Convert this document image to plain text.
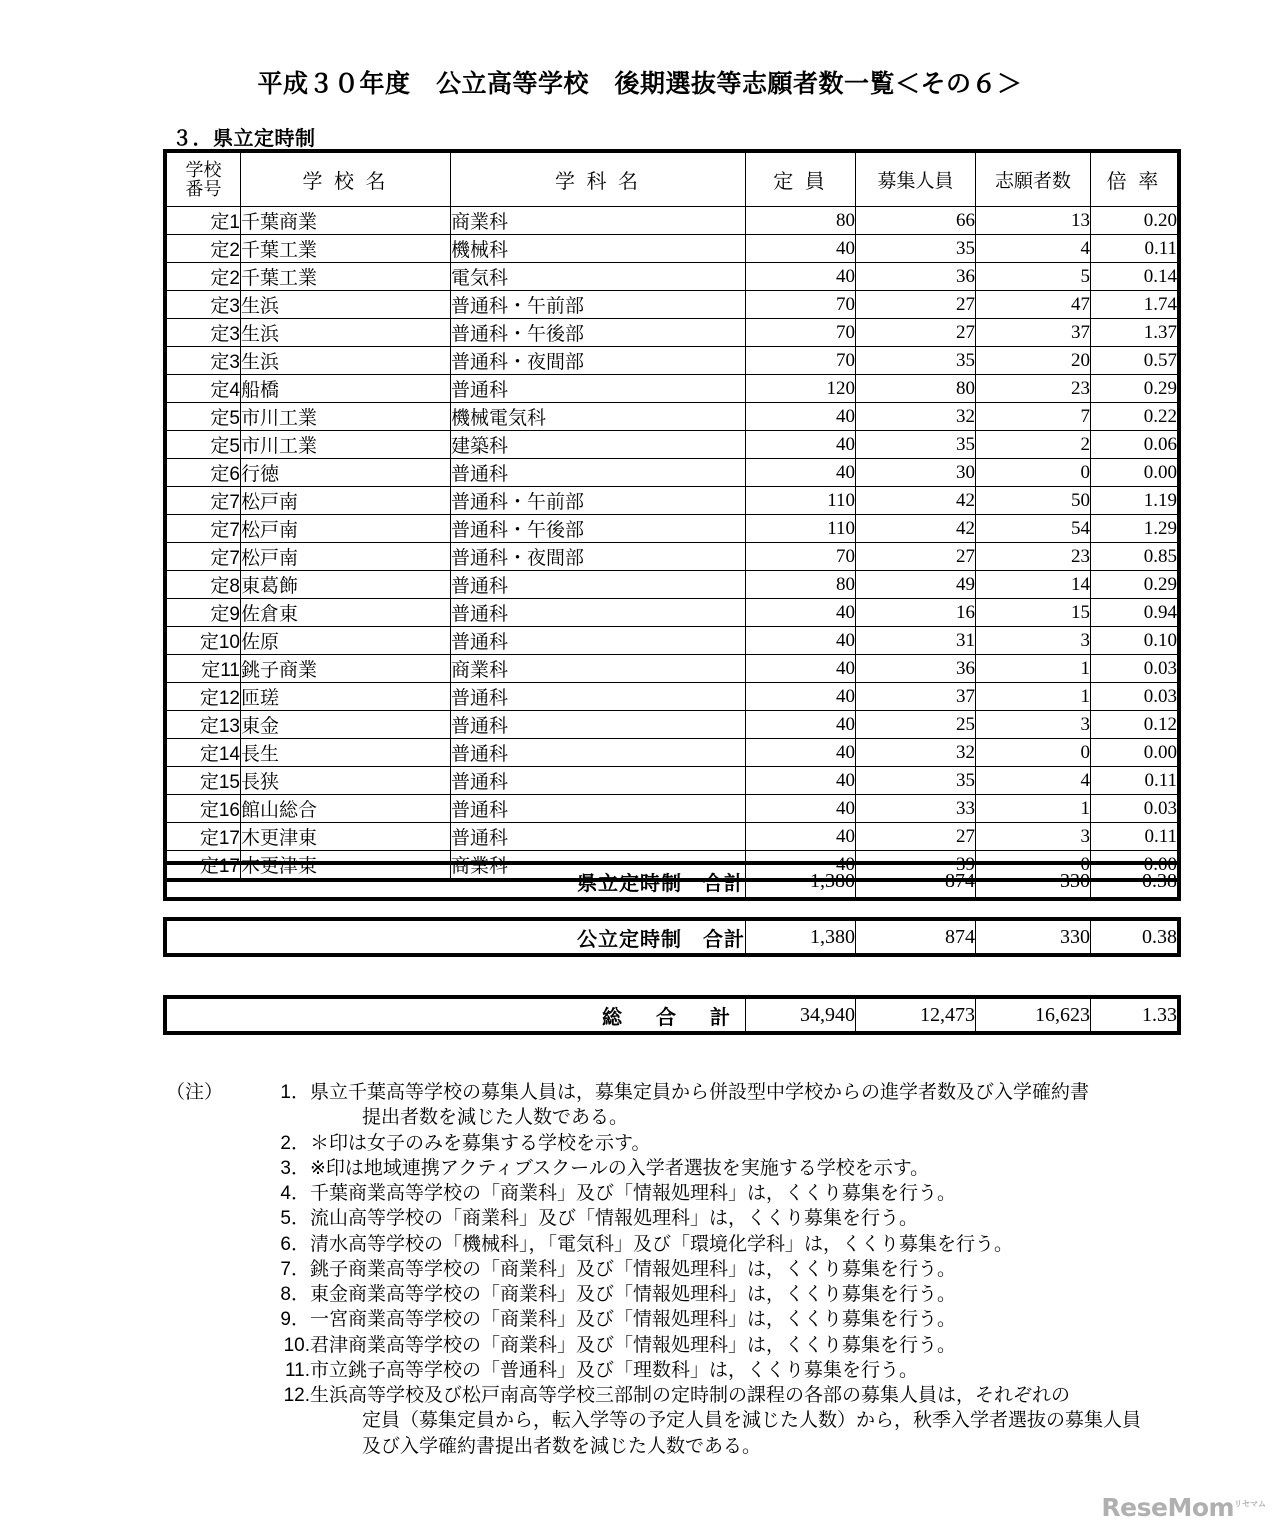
平成３０年度　公立高等学校　後期選抜等志願者数一覧＜その６＞
３．県立定時制
学校
番号	学 校 名	学 科 名	定 員	募集人員	志願者数	倍 率
定1	千葉商業	商業科	80	66	13	0.20
定2	千葉工業	機械科	40	35	4	0.11
定2	千葉工業	電気科	40	36	5	0.14
定3	生浜	普通科・午前部	70	27	47	1.74
定3	生浜	普通科・午後部	70	27	37	1.37
定3	生浜	普通科・夜間部	70	35	20	0.57
定4	船橋	普通科	120	80	23	0.29
定5	市川工業	機械電気科	40	32	7	0.22
定5	市川工業	建築科	40	35	2	0.06
定6	行徳	普通科	40	30	0	0.00
定7	松戸南	普通科・午前部	110	42	50	1.19
定7	松戸南	普通科・午後部	110	42	54	1.29
定7	松戸南	普通科・夜間部	70	27	23	0.85
定8	東葛飾	普通科	80	49	14	0.29
定9	佐倉東	普通科	40	16	15	0.94
定10	佐原	普通科	40	31	3	0.10
定11	銚子商業	商業科	40	36	1	0.03
定12	匝瑳	普通科	40	37	1	0.03
定13	東金	普通科	40	25	3	0.12
定14	長生	普通科	40	32	0	0.00
定15	長狭	普通科	40	35	4	0.11
定16	館山総合	普通科	40	33	1	0.03
定17	木更津東	普通科	40	27	3	0.11
定17	木更津東	商業科	40	39	0	0.00
県立定時制　合計	1,380	874	330	0.38
公立定時制　合計	1,380	874	330	0.38
総　合　計	34,940	12,473	16,623	1.33
（注）	1． 県立千葉高等学校の募集人員は，募集定員から併設型中学校からの進学者数及び入学確約書
提出者数を減じた人数である。
2． ＊印は女子のみを募集する学校を示す。
3． ※印は地域連携アクティブスクールの入学者選抜を実施する学校を示す。
4． 千葉商業高等学校の「商業科」及び「情報処理科」は，くくり募集を行う。
5． 流山高等学校の「商業科」及び「情報処理科」は，くくり募集を行う。
6． 清水高等学校の「機械科」，「電気科」及び「環境化学科」は，くくり募集を行う。
7． 銚子商業高等学校の「商業科」及び「情報処理科」は，くくり募集を行う。
8． 東金商業高等学校の「商業科」及び「情報処理科」は，くくり募集を行う。
9． 一宮商業高等学校の「商業科」及び「情報処理科」は，くくり募集を行う。
10. 君津商業高等学校の「商業科」及び「情報処理科」は，くくり募集を行う。
11. 市立銚子高等学校の「普通科」及び「理数科」は，くくり募集を行う。
12. 生浜高等学校及び松戸南高等学校三部制の定時制の課程の各部の募集人員は，それぞれの
定員（募集定員から，転入学等の予定人員を減じた人数）から，秋季入学者選抜の募集人員
及び入学確約書提出者数を減じた人数である。
ReseMom$^{リセマム}$
